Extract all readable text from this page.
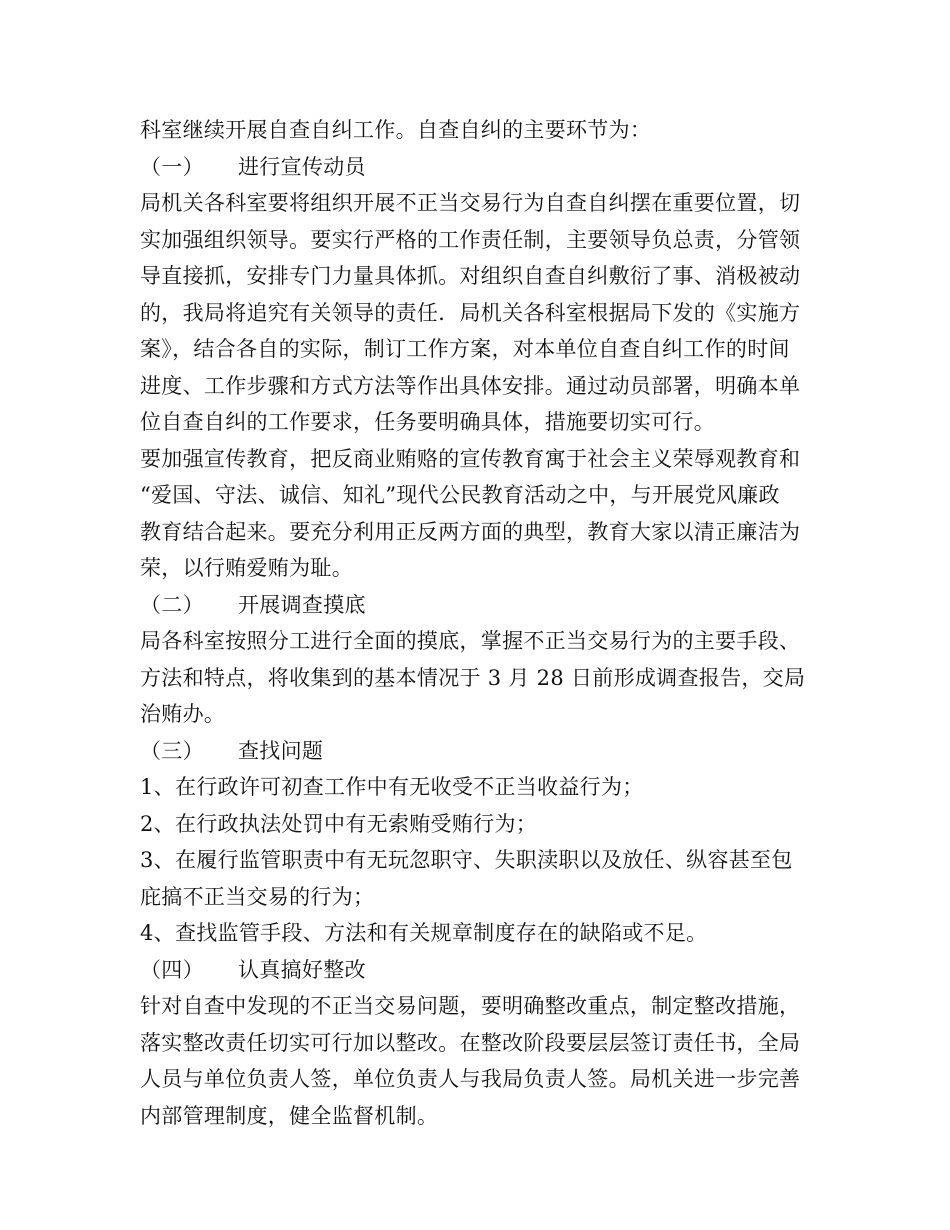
科室继续开展自查自纠工作。自查自纠的主要环节为：
（一）	进行宣传动员
局机关各科室要将组织开展不正当交易行为自查自纠摆在重要位置，切
实加强组织领导。要实行严格的工作责任制，主要领导负总责，分管领
导直接抓，安排专门力量具体抓。对组织自查自纠敷衍了事、消极被动
的，我局将追究有关领导的责任．局机关各科室根据局下发的《实施方
案》，结合各自的实际，制订工作方案，对本单位自查自纠工作的时间
进度、工作步骤和方式方法等作出具体安排。通过动员部署，明确本单
位自查自纠的工作要求，任务要明确具体，措施要切实可行。
要加强宣传教育，把反商业贿赂的宣传教育寓于社会主义荣辱观教育和
“爱国、守法、诚信、知礼”现代公民教育活动之中，与开展党风廉政
教育结合起来。要充分利用正反两方面的典型，教育大家以清正廉洁为
荣，以行贿爱贿为耻。
（二）	开展调查摸底
局各科室按照分工进行全面的摸底，掌握不正当交易行为的主要手段、
方法和特点，将收集到的基本情况于 3 月 28 日前形成调查报告，交局
治贿办。
（三）	查找问题
1、在行政许可初查工作中有无收受不正当收益行为；
2、在行政执法处罚中有无索贿受贿行为；
3、在履行监管职责中有无玩忽职守、失职渎职以及放任、纵容甚至包
庇搞不正当交易的行为；
4、查找监管手段、方法和有关规章制度存在的缺陷或不足。
（四）	认真搞好整改
针对自查中发现的不正当交易问题，要明确整改重点，制定整改措施，
落实整改责任切实可行加以整改。在整改阶段要层层签订责任书，全局
人员与单位负责人签，单位负责人与我局负责人签。局机关进一步完善
内部管理制度，健全监督机制。
